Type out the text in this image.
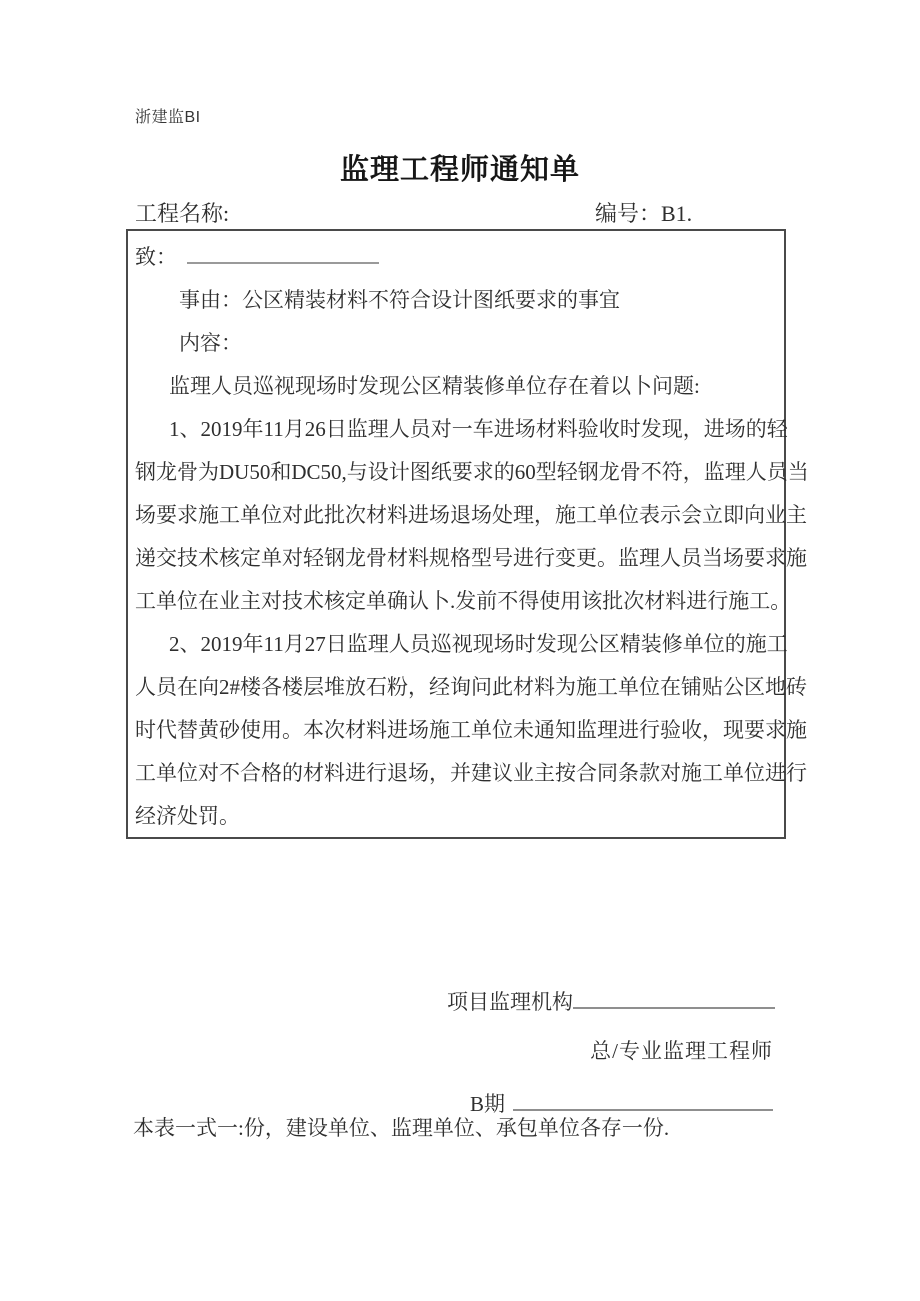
浙建监BI
监理工程师通知单
工程名称:	编号：B1.
致：
事由：公区精装材料不符合设计图纸要求的事宜
内容：
监理人员巡视现场时发现公区精装修单位存在着以卜问题:
1、2019年11月26日监理人员对一车进场材料验收时发现，进场的轻
钢龙骨为DU50和DC50,与设计图纸要求的60型轻钢龙骨不符，监理人员当
场要求施工单位对此批次材料进场退场处理，施工单位表示会立即向业主
递交技术核定单对轻钢龙骨材料规格型号进行变更。监理人员当场要求施
工单位在业主对技术核定单确认卜.发前不得使用该批次材料进行施工。
2、2019年11月27日监理人员巡视现场时发现公区精装修单位的施工
人员在向2#楼各楼层堆放石粉，经询问此材料为施工单位在铺贴公区地砖
时代替黄砂使用。本次材料进场施工单位未通知监理进行验收，现要求施
工单位对不合格的材料进行退场，并建议业主按合同条款对施工单位进行
经济处罚。
项目监理机构
总/专业监理工程师
B期
本表一式一:份，建设单位、监理单位、承包单位各存一份.
